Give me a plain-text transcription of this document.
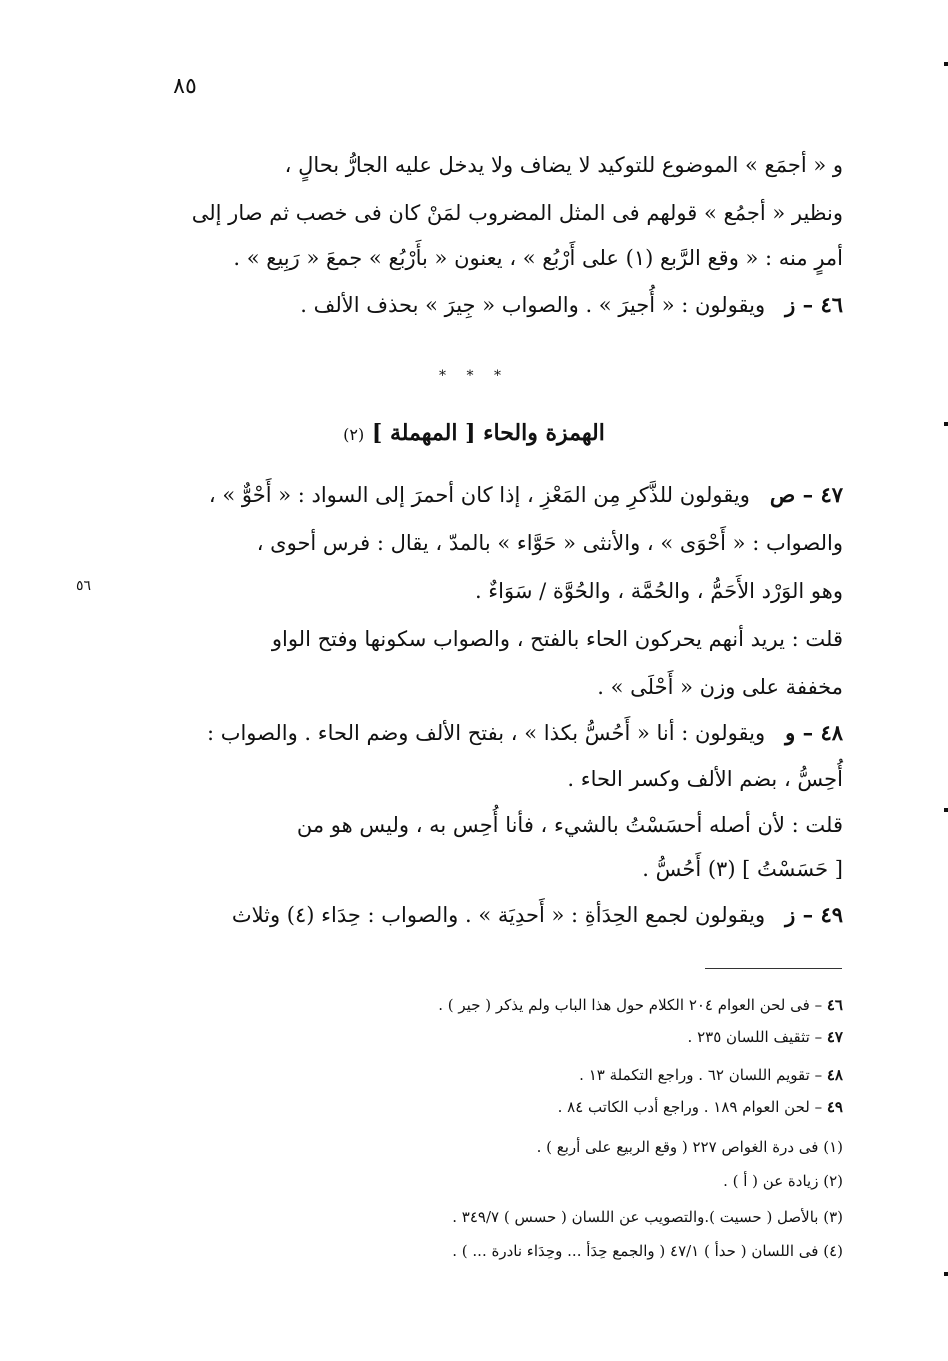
٨٥
٥٦
و « أجمَع » الموضوع للتوكيد لا يضاف ولا يدخل عليه الجارُّ بحالٍ ،
ونظير « أجمُع » قولهم فى المثل المضروب لمَنْ كان فى خصب ثم صار إلى
أمرٍ منه : « وقع الرَّبع (١) على أَرْبُع » ، يعنون « بأَرْبُع » جمعَ « رَبِيع » .
٤٦ – ز   ويقولون : « أُجيرَ » . والصواب « جِيرَ » بحذف الألف .
* * *
الهمزة والحاء [ المهملة ] (٢)
٤٧ – ص   ويقولون للذَّكرِ مِن المَعْزِ ، إذا كان أحمرَ إلى السواد : « أَحْوٌّ » ،
والصواب : « أَحْوَى » ، والأنثى « حَوَّاء » بالمدّ ، يقال : فرس أحوى ،
وهو الوَرْد الأَحَمُّ ، والحُمَّة ، والحُوَّة / سَوَاءٌ .
قلت : يريد أنهم يحركون الحاء بالفتح ، والصواب سكونها وفتح الواو
مخففة على وزن « أَحْلَى » .
٤٨ – و   ويقولون : أنا « أَحُسُّ بكذا » ، بفتح الألف وضم الحاء . والصواب :
أُحِسُّ ، بضم الألف وكسر الحاء .
قلت : لأن أصله أحسَسْتُ بالشيء ، فأنا أُحِس به ، وليس هو من
[ حَسَسْتُ ] (٣) أَحُسُّ .
٤٩ – ز   ويقولون لجمع الحِدَأةِ : « أَحدِيَة » . والصواب : حِدَاء (٤) وثلاث
٤٦ – فى لحن العوام ٢٠٤ الكلام حول هذا الباب ولم يذكر ( جير ) .
٤٧ – تثقيف اللسان ٢٣٥ .
٤٨ – تقويم اللسان ٦٢ . وراجع التكملة ١٣ .
٤٩ – لحن العوام ١٨٩ . وراجع أدب الكاتب ٨٤ .
(١) فى درة الغواص ٢٢٧ ( وقع الربيع على أربع ) .
(٢) زيادة عن ( أ ) .
(٣) بالأصل ( حسيت ).والتصويب عن اللسان ( حسس ) ٣٤٩/٧ .
(٤) فى اللسان ( حدأ ) ٤٧/١ ( والجمع حِدَأ ... وحِدَاء نادرة ... ) .
